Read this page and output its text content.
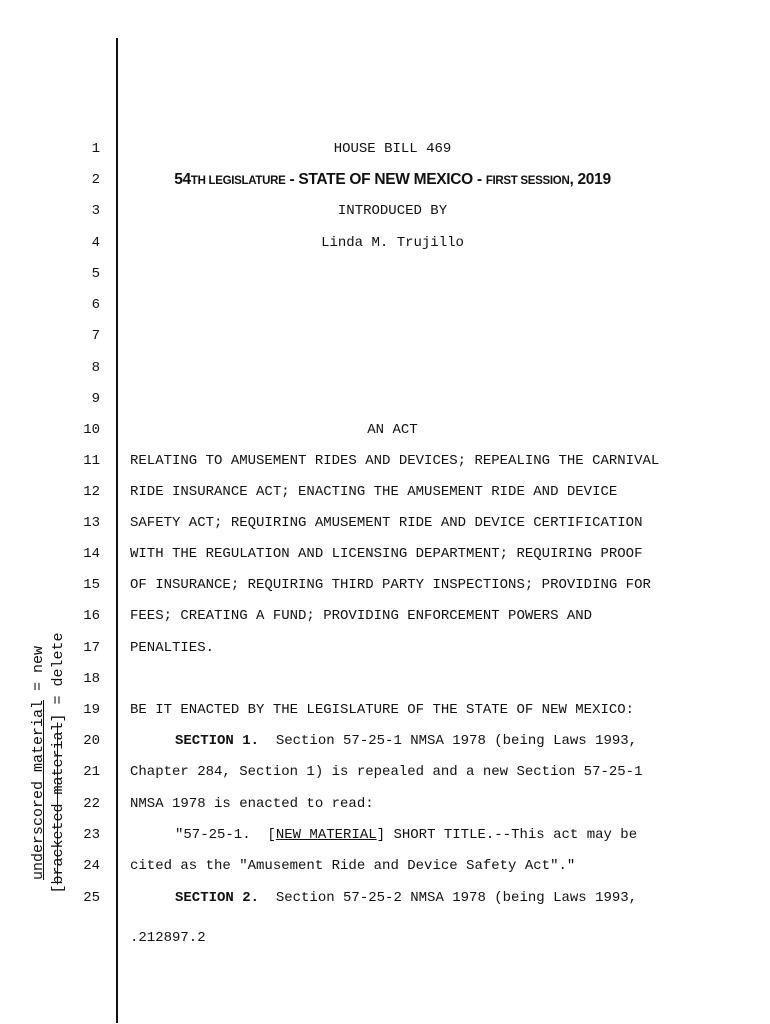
underscored material = new
[bracketed material] = delete
1
2
3
4
5
6
7
8
9
10
11
12
13
14
15
16
17
18
19
20
21
22
23
24
25
HOUSE BILL 469
54TH LEGISLATURE - STATE OF NEW MEXICO - FIRST SESSION, 2019
INTRODUCED BY
Linda M. Trujillo
AN ACT
RELATING TO AMUSEMENT RIDES AND DEVICES; REPEALING THE CARNIVAL
RIDE INSURANCE ACT; ENACTING THE AMUSEMENT RIDE AND DEVICE
SAFETY ACT; REQUIRING AMUSEMENT RIDE AND DEVICE CERTIFICATION
WITH THE REGULATION AND LICENSING DEPARTMENT; REQUIRING PROOF
OF INSURANCE; REQUIRING THIRD PARTY INSPECTIONS; PROVIDING FOR
FEES; CREATING A FUND; PROVIDING ENFORCEMENT POWERS AND
PENALTIES.
BE IT ENACTED BY THE LEGISLATURE OF THE STATE OF NEW MEXICO:
SECTION 1.  Section 57-25-1 NMSA 1978 (being Laws 1993,
Chapter 284, Section 1) is repealed and a new Section 57-25-1
NMSA 1978 is enacted to read:
"57-25-1.  [NEW MATERIAL] SHORT TITLE.--This act may be
cited as the "Amusement Ride and Device Safety Act"."
SECTION 2.  Section 57-25-2 NMSA 1978 (being Laws 1993,
.212897.2
